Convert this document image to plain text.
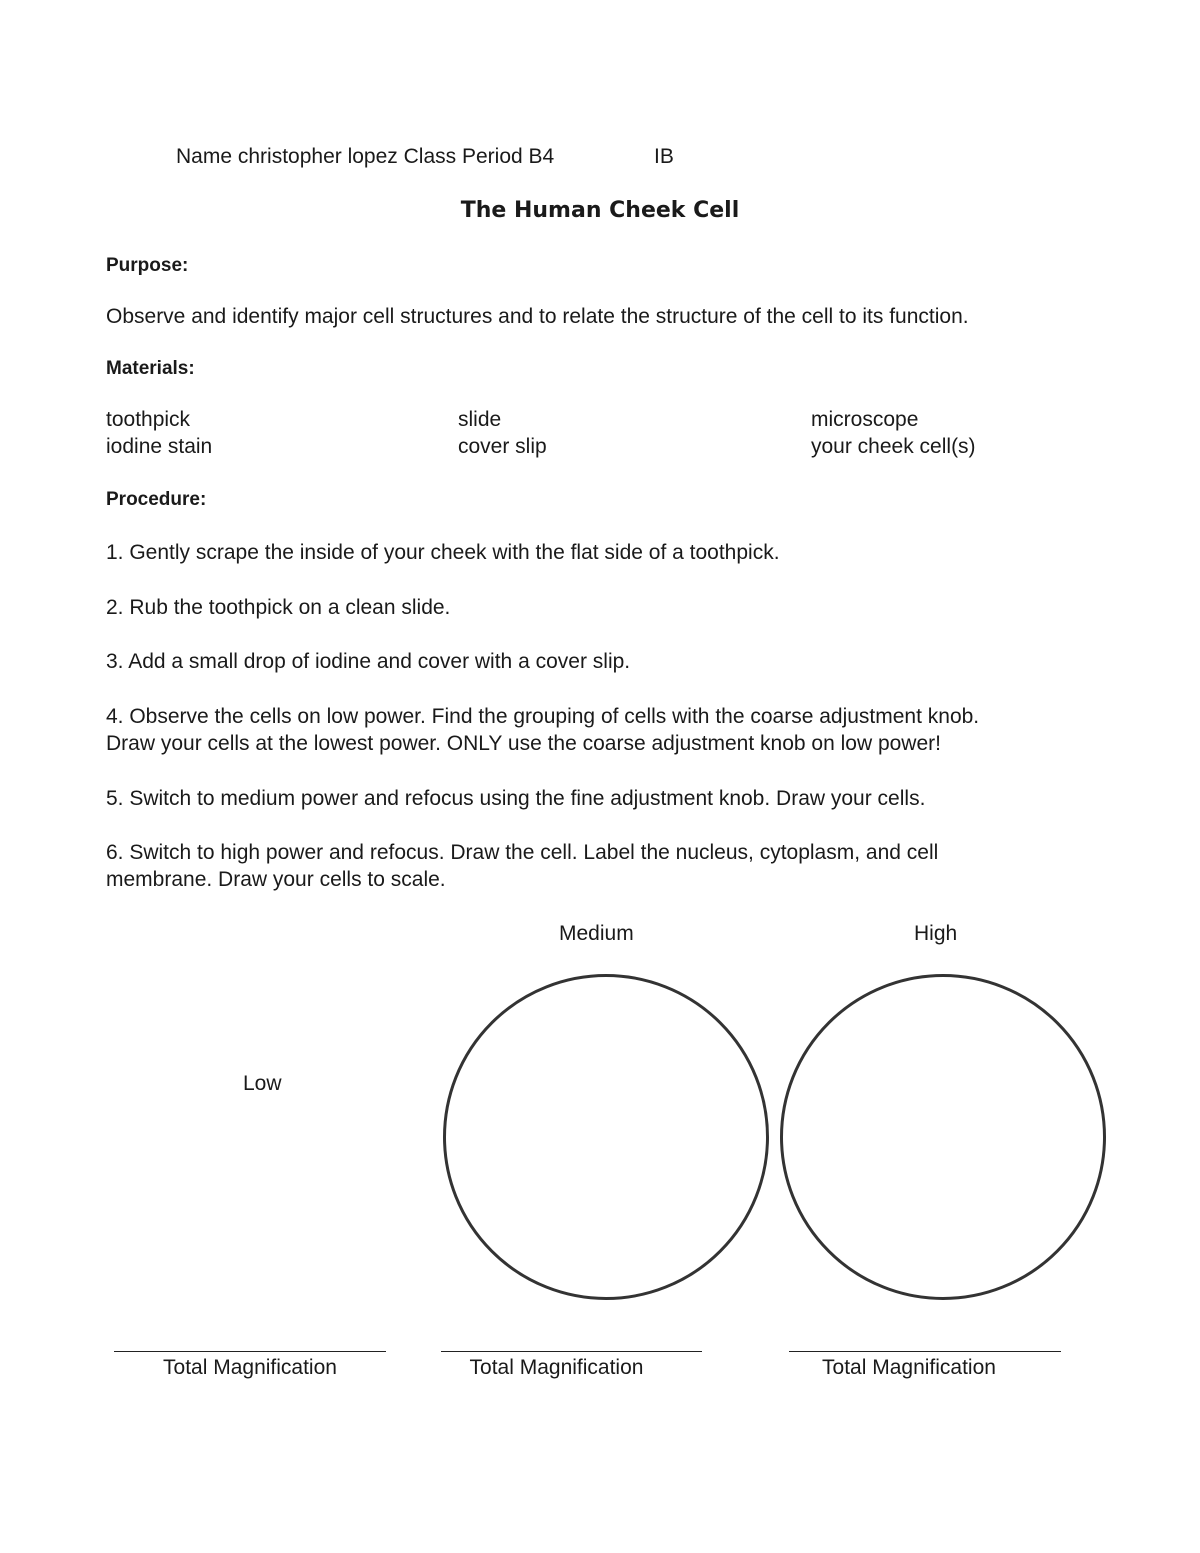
Name christopher lopez Class Period B4	IB
The Human Cheek Cell
Purpose:
Observe and identify major cell structures and to relate the structure of the cell to its function.
Materials:
toothpick	slide	microscope
iodine stain	cover slip	your cheek cell(s)
Procedure:
1. Gently scrape the inside of your cheek with the flat side of a toothpick.
2. Rub the toothpick on a clean slide.
3. Add a small drop of iodine and cover with a cover slip.
4. Observe the cells on low power. Find the grouping of cells with the coarse adjustment knob.
Draw your cells at the lowest power. ONLY use the coarse adjustment knob on low power!
5. Switch to medium power and refocus using the fine adjustment knob. Draw your cells.
6. Switch to high power and refocus. Draw the cell. Label the nucleus, cytoplasm, and cell
membrane. Draw your cells to scale.
Medium	High
Low
Total Magnification	Total Magnification	Total Magnification
